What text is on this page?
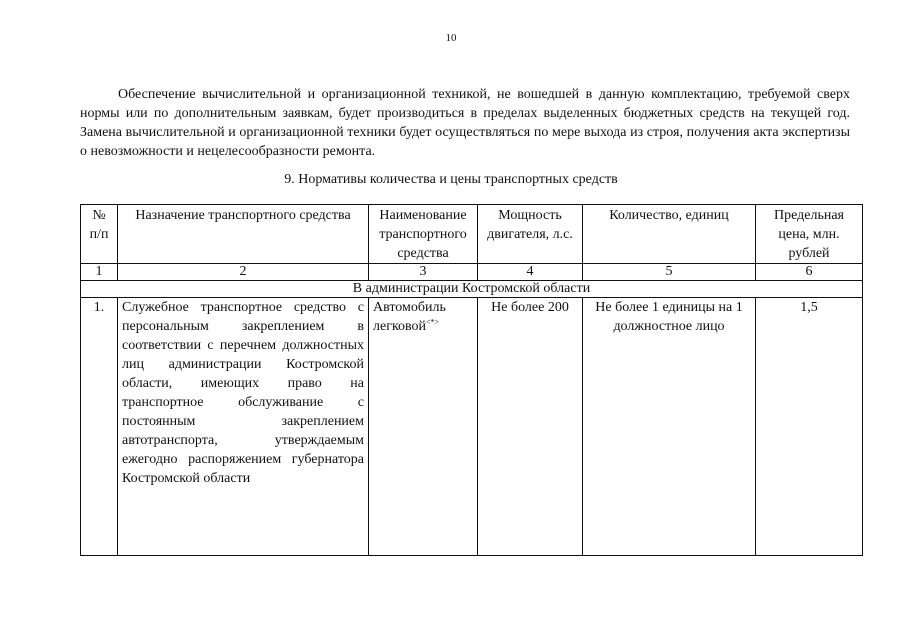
10

Обеспечение вычислительной и организационной техникой, не вошедшей в данную комплектацию, требуемой сверх нормы или по дополнительным заявкам, будет производиться в пределах выделенных бюджетных средств на текущей год. Замена вычислительной и организационной техники будет осуществляться по мере выхода из строя, получения акта экспертизы о невозможности и нецелесообразности ремонта.

9. Нормативы количества и цены транспортных средств
№ п/п	Назначение транспортного средства	Наименование транспортного средства	Мощность двигателя, л.с.	Количество, единиц	Предельная цена, млн. рублей
1	2	3	4	5	6
В администрации Костромской области					
1.	Служебное транспортное средство с персональным закреплением в соответствии с перечнем должностных лиц администрации Костромской области, имеющих право на транспортное обслуживание с постоянным закреплением автотранспорта, утверждаемым ежегодно распоряжением губернатора Костромской области	Автомобиль легковой<*>	Не более 200	Не более 1 единицы на 1 должностное лицо	1,5
